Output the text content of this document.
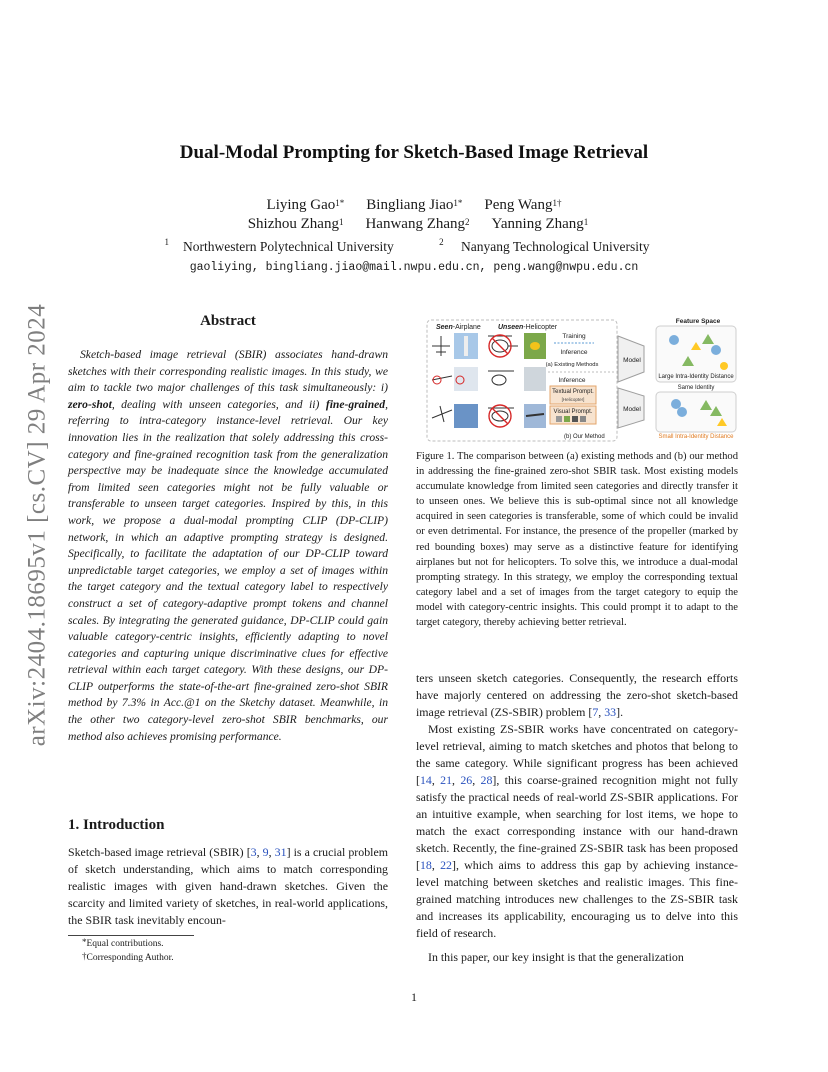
arXiv:2404.18695v1 [cs.CV] 29 Apr 2024
Dual-Modal Prompting for Sketch-Based Image Retrieval
Liying Gao$^{1*}$ Bingliang Jiao$^{1*}$ Peng Wang$^{1\dagger}$
Shizhou Zhang$^1$ Hanwang Zhang$^2$ Yanning Zhang$^1$
$^1$ Northwestern Polytechnical University	$^2$ Nanyang Technological University
gaoliying, bingliang.jiao@mail.nwpu.edu.cn, peng.wang@nwpu.edu.cn
Abstract

Sketch-based image retrieval (SBIR) associates hand-drawn sketches with their corresponding realistic images. In this study, we aim to tackle two major challenges of this task simultaneously: i) zero-shot, dealing with unseen categories, and ii) fine-grained, referring to intra-category instance-level retrieval. Our key innovation lies in the realization that solely addressing this cross-category and fine-grained recognition task from the generalization perspective may be inadequate since the knowledge accumulated from limited seen categories might not be fully valuable or transferable to unseen target categories. Inspired by this, in this work, we propose a dual-modal prompting CLIP (DP-CLIP) network, in which an adaptive prompting strategy is designed. Specifically, to facilitate the adaptation of our DP-CLIP toward unpredictable target categories, we employ a set of images within the target category and the textual category label to respectively construct a set of category-adaptive prompt tokens and channel scales. By integrating the generated guidance, DP-CLIP could gain valuable category-centric insights, efficiently adapting to novel categories and capturing unique discriminative clues for effective retrieval within each target category. With these designs, our DP-CLIP outperforms the state-of-the-art fine-grained zero-shot SBIR method by 7.3% in Acc.@1 on the Sketchy dataset. Meanwhile, in the other two category-level zero-shot SBIR benchmarks, our method also achieves promising performance.

1. Introduction

Sketch-based image retrieval (SBIR) [3, 9, 31] is a crucial problem of sketch understanding, which aims to match corresponding realistic images with given hand-drawn sketches. Given the scarcity and limited variety of sketches, in real-world applications, the SBIR task inevitably encoun-

*Equal contributions.
†Corresponding Author.
Seen-Airplane Unseen-Helicopter
Training
Inference
(a) Existing Methods
Inference
Textual Prompt.
[Helicopter]
Visual Prompt.
(b) Our Method
Model
Model
Feature Space
Large Intra-Identity Distance
Same Identity
Small Intra-Identity Distance

Figure 1. The comparison between (a) existing methods and (b) our method in addressing the fine-grained zero-shot SBIR task. Most existing models accumulate knowledge from limited seen categories and directly transfer it to unseen ones. We believe this is sub-optimal since not all knowledge acquired in seen categories is transferable, some of which could be invalid or even detrimental. For instance, the presence of the propeller (marked by red bounding boxes) may serve as a distinctive feature for identifying airplanes but not for helicopters. To solve this, we introduce a dual-modal prompting strategy. In this strategy, we employ the corresponding textual category label and a set of images from the target category to equip the model with category-centric insights. This could prompt it to adapt to the target category, thereby achieving better retrieval.

ters unseen sketch categories. Consequently, the research efforts have majorly centered on addressing the zero-shot sketch-based image retrieval (ZS-SBIR) problem [7, 33].

Most existing ZS-SBIR works have concentrated on category-level retrieval, aiming to match sketches and photos that belong to the same category. While significant progress has been achieved [14, 21, 26, 28], this coarse-grained recognition might not fully satisfy the practical needs of real-world ZS-SBIR applications. For an intuitive example, when searching for lost items, we hope to match the exact corresponding instance with our hand-drawn sketch. Recently, the fine-grained ZS-SBIR task has been proposed [18, 22], which aims to address this gap by achieving instance-level matching between sketches and realistic images. This fine-grained matching introduces new challenges to the ZS-SBIR task and increases its applicability, encouraging us to delve into this field of research.

In this paper, our key insight is that the generalization

1
